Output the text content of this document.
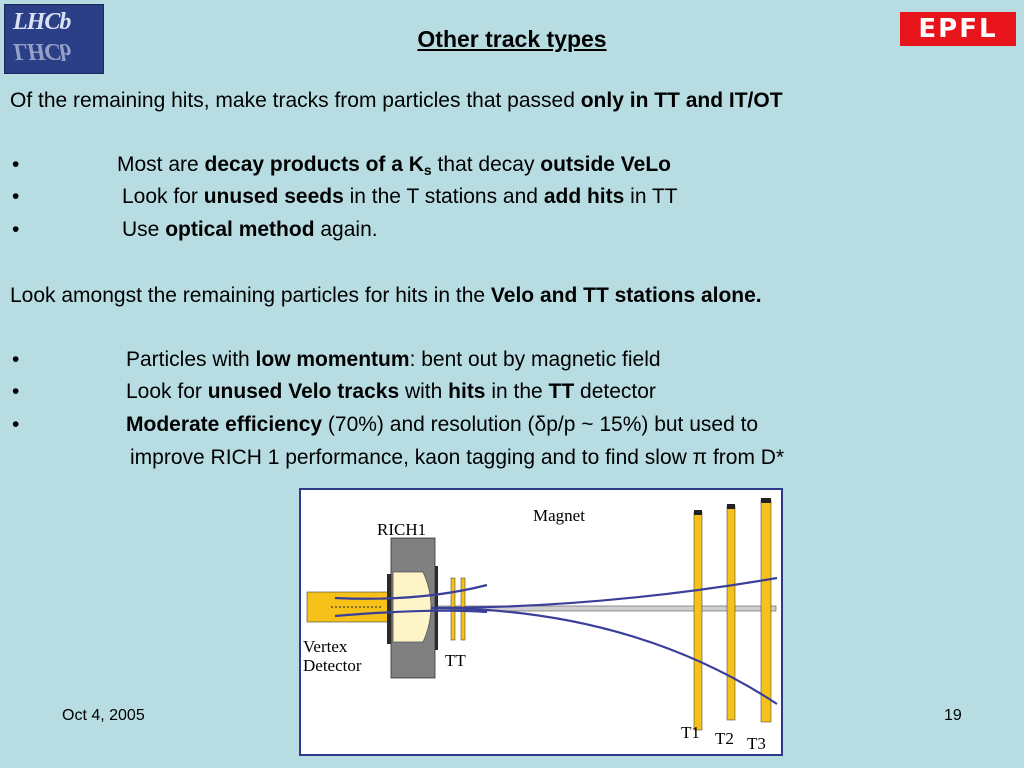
LHCb
LHCb
EPFL
Other track types
Of the remaining hits, make tracks from particles that passed only in TT and IT/OT
•	Most are decay products of a $K_s$ that decay outside VeLo
•	Look for unused seeds in the T stations and add hits in TT
•	Use optical method again.
Look amongst the remaining particles for hits in the Velo and TT stations alone.
•	Particles with low momentum: bent out by magnetic field
•	Look for unused Velo tracks with hits in the TT detector
•	Moderate efficiency (70%) and resolution (δp/p ~ 15%) but used to
improve RICH 1 performance, kaon tagging and to find slow π from D*
Magnet
RICH1
Vertex
Detector	TT
T1 T2 T3
Oct 4, 2005	19
